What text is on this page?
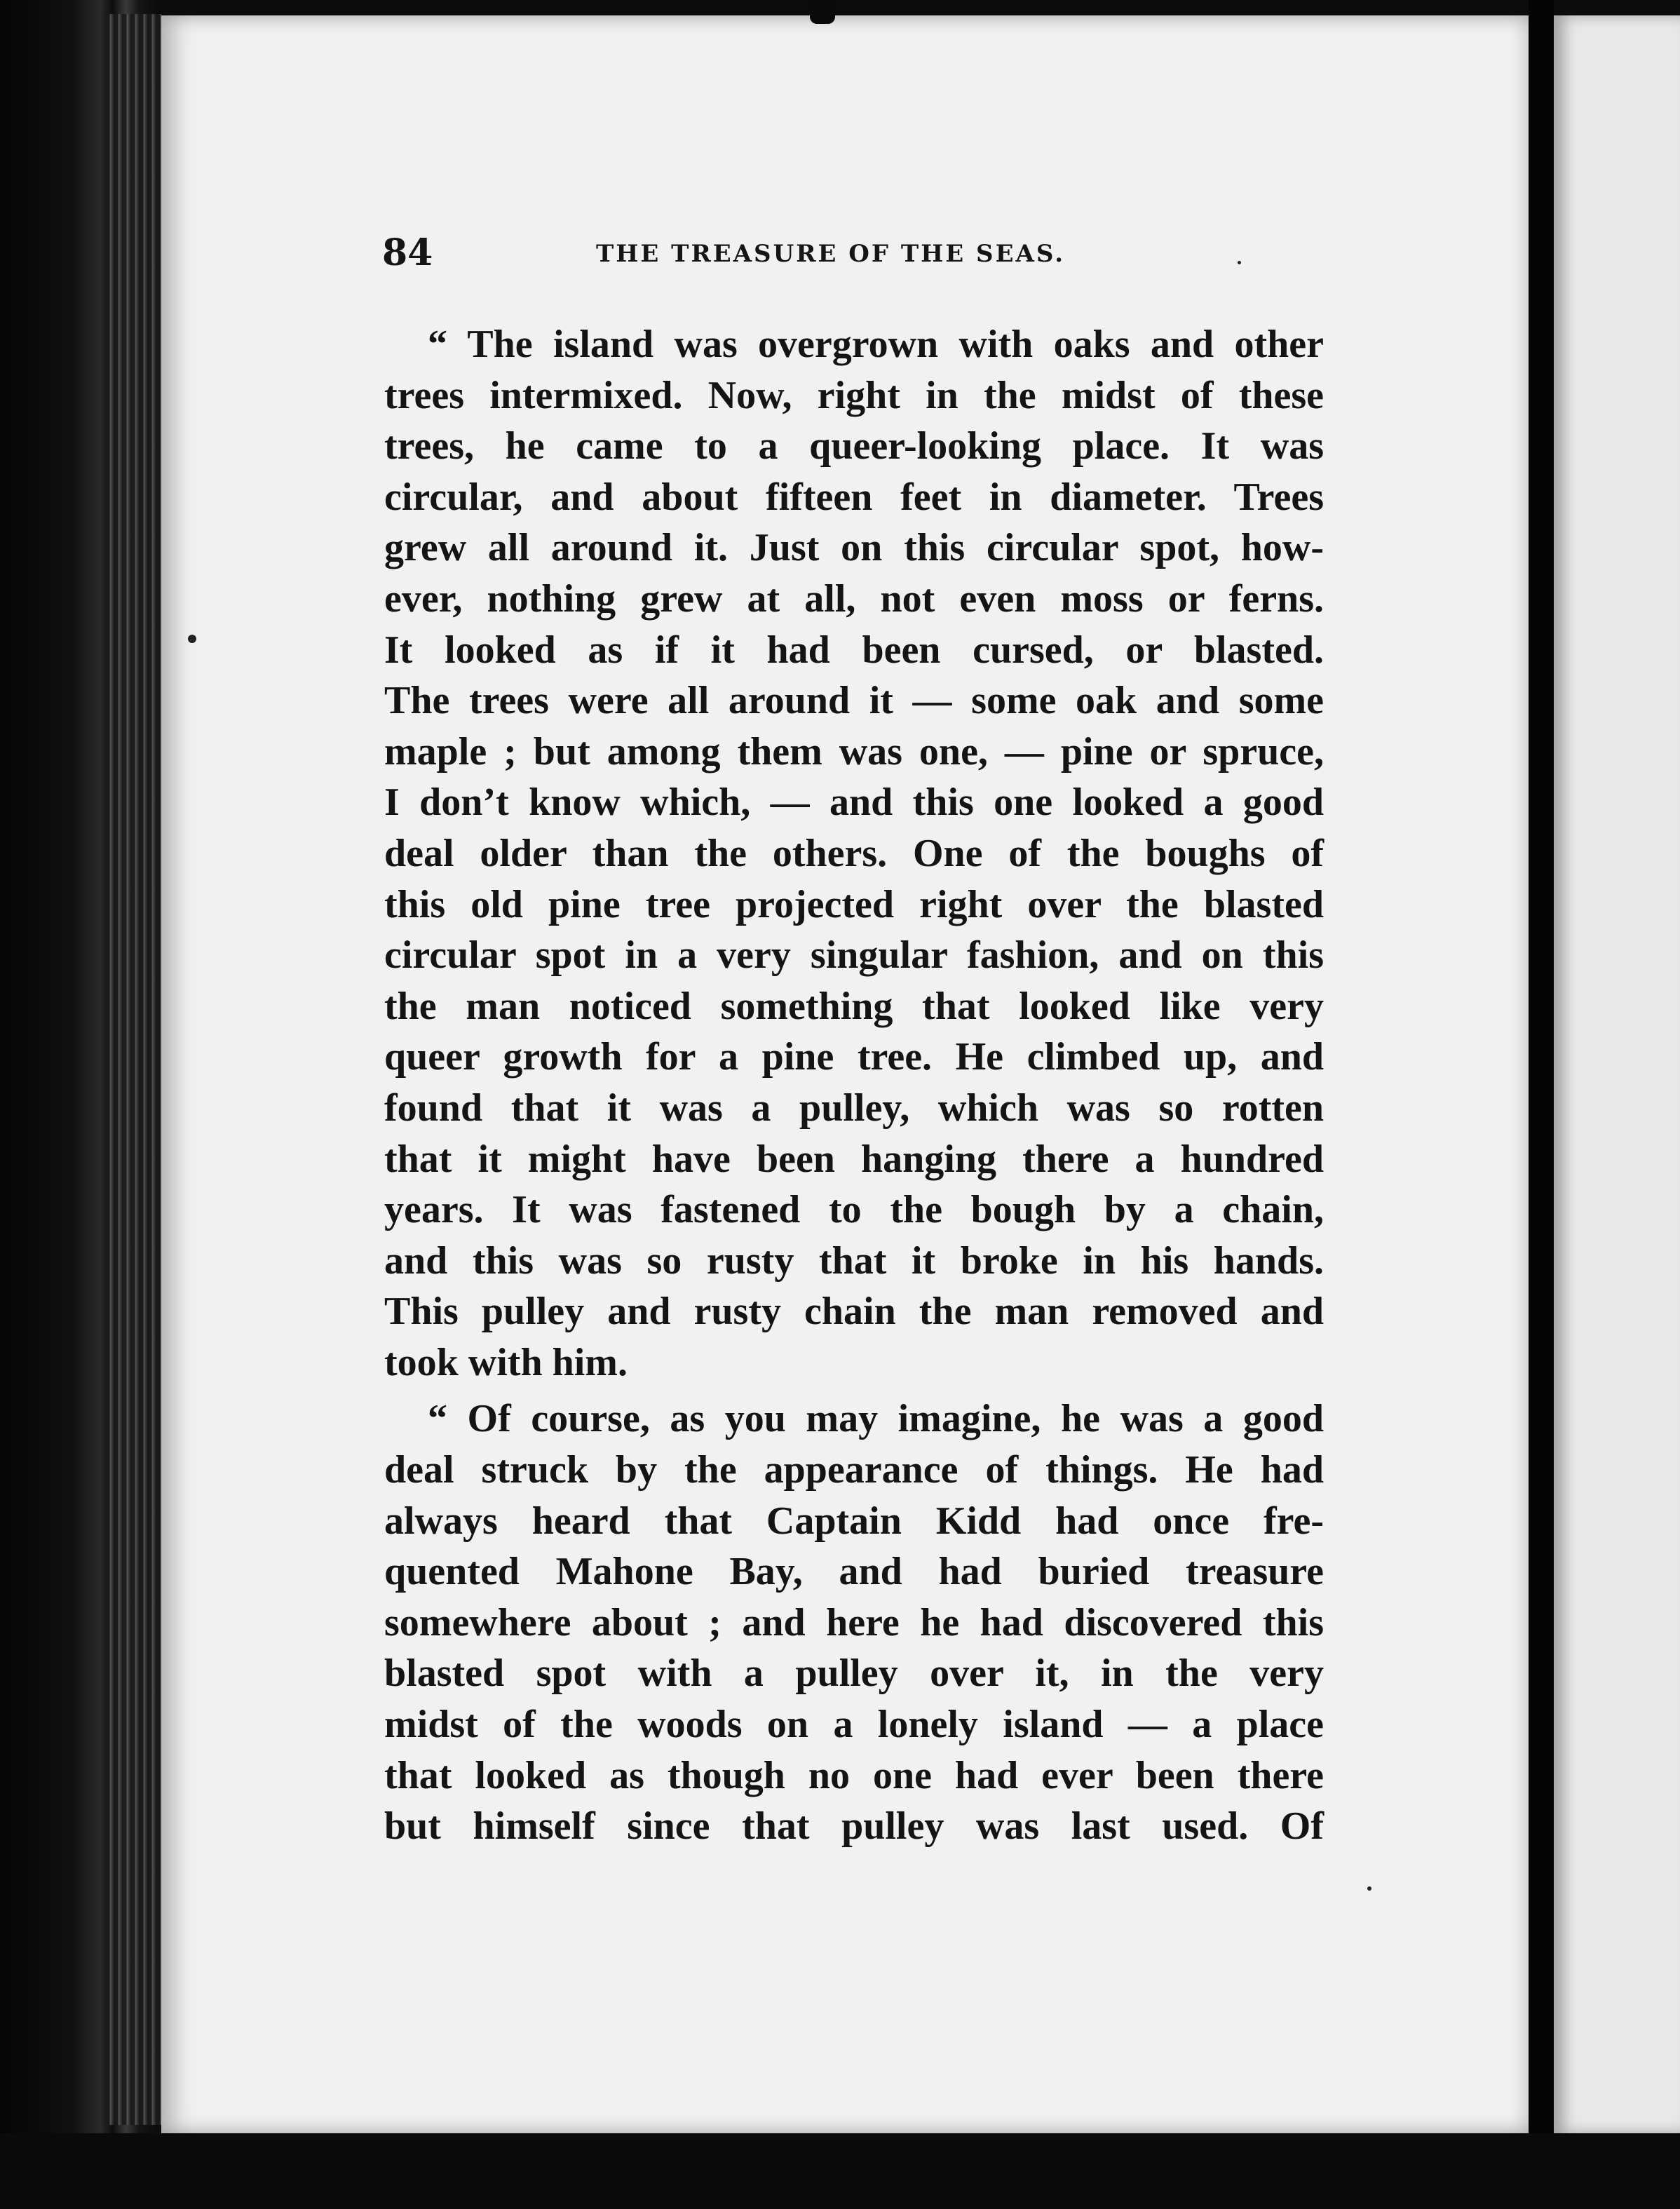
84	THE TREASURE OF THE SEAS.
“ The island was overgrown with oaks and other
trees intermixed. Now, right in the midst of these
trees, he came to a queer-looking place. It was
circular, and about fifteen feet in diameter. Trees
grew all around it. Just on this circular spot, how-
ever, nothing grew at all, not even moss or ferns.
It looked as if it had been cursed, or blasted.
The trees were all around it — some oak and some
maple ; but among them was one, — pine or spruce,
I don’t know which, — and this one looked a good
deal older than the others. One of the boughs of
this old pine tree projected right over the blasted
circular spot in a very singular fashion, and on this
the man noticed something that looked like very
queer growth for a pine tree. He climbed up, and
found that it was a pulley, which was so rotten
that it might have been hanging there a hundred
years. It was fastened to the bough by a chain,
and this was so rusty that it broke in his hands.
This pulley and rusty chain the man removed and
took with him.
“ Of course, as you may imagine, he was a good
deal struck by the appearance of things. He had
always heard that Captain Kidd had once fre-
quented Mahone Bay, and had buried treasure
somewhere about ; and here he had discovered this
blasted spot with a pulley over it, in the very
midst of the woods on a lonely island — a place
that looked as though no one had ever been there
but himself since that pulley was last used. Of
